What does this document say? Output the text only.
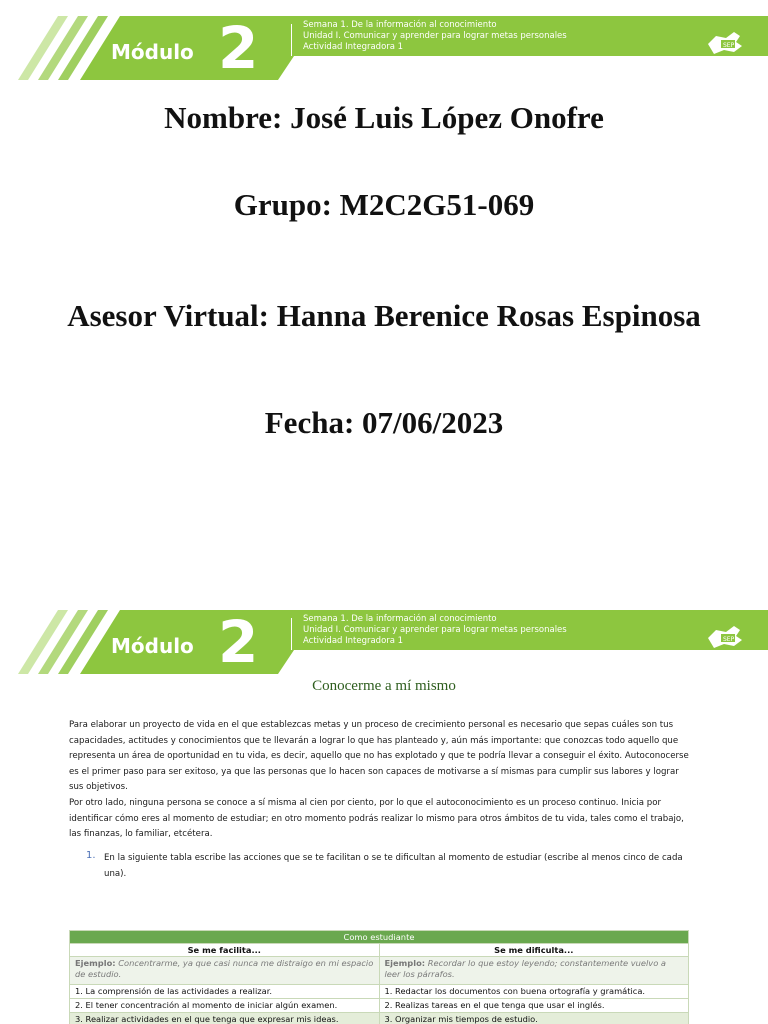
Módulo 2	Semana 1. De la información al conocimiento
Unidad I. Comunicar y aprender para lograr metas personales
Actividad Integradora 1	SEP
Nombre: José Luis López Onofre
Grupo: M2C2G51-069
Asesor Virtual: Hanna Berenice Rosas Espinosa
Fecha: 07/06/2023
Módulo 2	Semana 1. De la información al conocimiento
Unidad I. Comunicar y aprender para lograr metas personales
Actividad Integradora 1	SEP
Conocerme a mí mismo

Para elaborar un proyecto de vida en el que establezcas metas y un proceso de crecimiento personal es necesario que sepas cuáles son tus capacidades, actitudes y conocimientos que te llevarán a lograr lo que has planteado y, aún más importante: que conozcas todo aquello que representa un área de oportunidad en tu vida, es decir, aquello que no has explotado y que te podría llevar a conseguir el éxito. Autoconocerse es el primer paso para ser exitoso, ya que las personas que lo hacen son capaces de motivarse a sí mismas para cumplir sus labores y lograr sus objetivos.

Por otro lado, ninguna persona se conoce a sí misma al cien por ciento, por lo que el autoconocimiento es un proceso continuo. Inicia por identificar cómo eres al momento de estudiar; en otro momento podrás realizar lo mismo para otros ámbitos de tu vida, tales como el trabajo, las finanzas, lo familiar, etcétera.

1. En la siguiente tabla escribe las acciones que se te facilitan o se te dificultan al momento de estudiar (escribe al menos cinco de cada una).

Como estudiante	
Se me facilita...	Se me dificulta...
Ejemplo: Concentrarme, ya que casi nunca me distraigo en mi espacio de estudio.	Ejemplo: Recordar lo que estoy leyendo; constantemente vuelvo a leer los párrafos.
1. La comprensión de las actividades a realizar.	1. Redactar los documentos con buena ortografía y gramática.
2. El tener concentración al momento de iniciar algún examen.	2. Realizas tareas en el que tenga que usar el inglés.
3. Realizar actividades en el que tenga que expresar mis ideas.	3. Organizar mis tiempos de estudio.
